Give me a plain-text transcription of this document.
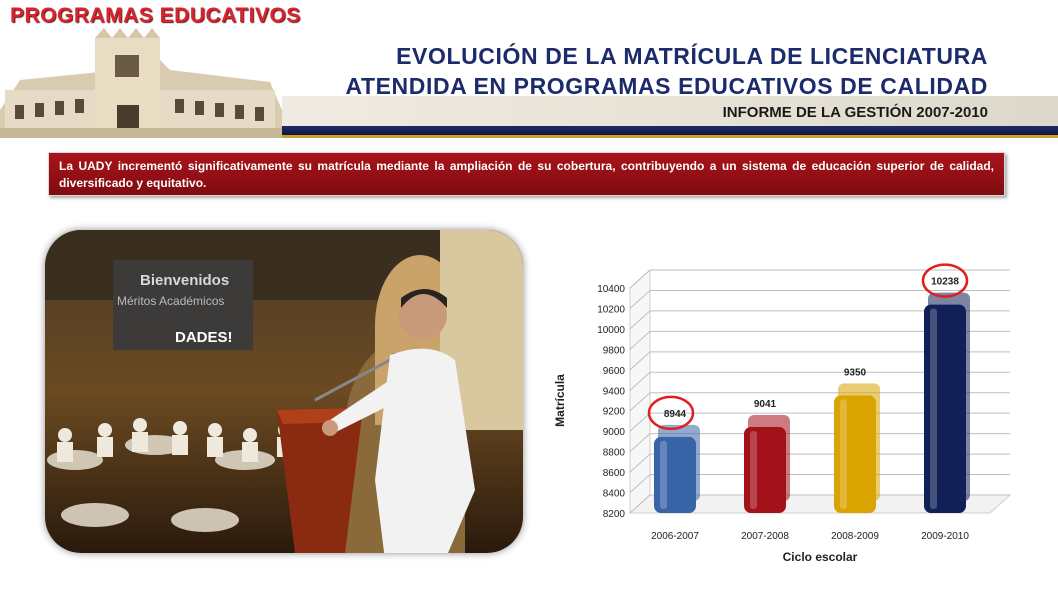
PROGRAMAS EDUCATIVOS
EVOLUCIÓN DE LA MATRÍCULA DE LICENCIATURA
ATENDIDA EN PROGRAMAS EDUCATIVOS DE CALIDAD
INFORME DE LA GESTIÓN 2007-2010
La UADY incrementó significativamente su matrícula mediante la ampliación de su cobertura, contribuyendo a un sistema de educación superior de calidad, diversificado y equitativo.
Bienvenidos
Méritos Académicos
DADES!
8200
8400
8600
8800
9000
9200
9400
9600
9800
10000
10200
10400
8944
2006-2007
9041
2007-2008
9350
2008-2009
10238
2009-2010
Ciclo escolar
Matrícula
